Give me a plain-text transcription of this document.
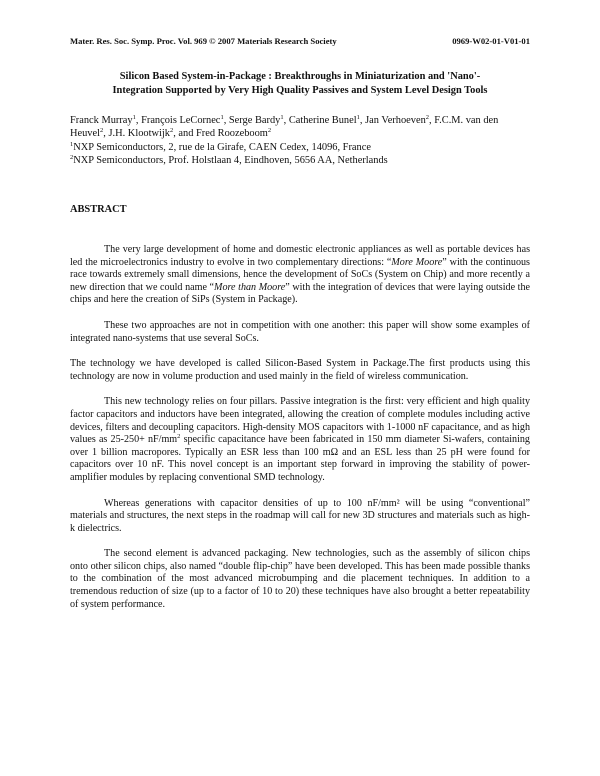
Mater. Res. Soc. Symp. Proc. Vol. 969 © 2007 Materials Research Society	0969-W02-01-V01-01
Silicon Based System-in-Package : Breakthroughs in Miniaturization and 'Nano'-
Integration Supported by Very High Quality Passives and System Level Design Tools
Franck Murray$^1$, François LeCornec$^1$, Serge Bardy$^1$, Catherine Bunel$^1$, Jan Verhoeven$^2$, F.C.M. van den Heuvel$^2$, J.H. Klootwijk$^2$, and Fred Roozeboom$^2$
$^1$NXP Semiconductors, 2, rue de la Girafe, CAEN Cedex, 14096, France
$^2$NXP Semiconductors, Prof. Holstlaan 4, Eindhoven, 5656 AA, Netherlands
ABSTRACT

The very large development of home and domestic electronic appliances as well as portable devices has led the microelectronics industry to evolve in two complementary directions: “More Moore” with the continuous race towards extremely small dimensions, hence the development of SoCs (System on Chip) and more recently a new direction that we could name “More than Moore” with the integration of devices that were laying outside the chips and here the creation of SiPs (System in Package).

These two approaches are not in competition with one another: this paper will show some examples of integrated nano-systems that use several SoCs.

The technology we have developed is called Silicon-Based System in Package.The first products using this technology are now in volume production and used mainly in the field of wireless communication.

This new technology relies on four pillars. Passive integration is the first: very efficient and high quality factor capacitors and inductors have been integrated, allowing the creation of complete modules including active devices, filters and decoupling capacitors. High-density MOS capacitors with 1-1000 nF capacitance, and as high values as $25-250+ nF/mm^2$ specific capacitance have been fabricated in 150 mm diameter Si-wafers, containing over 1 billion macropores. Typically an ESR less than 100 mΩ and an ESL less than 25 pH were found for capacitors over 10 nF. This novel concept is an important step forward in improving the stability of power-amplifier modules by replacing conventional SMD technology.

Whereas generations with capacitor densities of up to 100 nF/mm² will be using “conventional” materials and structures, the next steps in the roadmap will call for new 3D structures and materials such as high-k dielectrics.

The second element is advanced packaging. New technologies, such as the assembly of silicon chips onto other silicon chips, also named “double flip-chip” have been developed. This has been made possible thanks to the combination of the most advanced microbumping and die placement techniques. In addition to a tremendous reduction of size (up to a factor of 10 to 20) these techniques have also brought a better repeatability of system performance.
